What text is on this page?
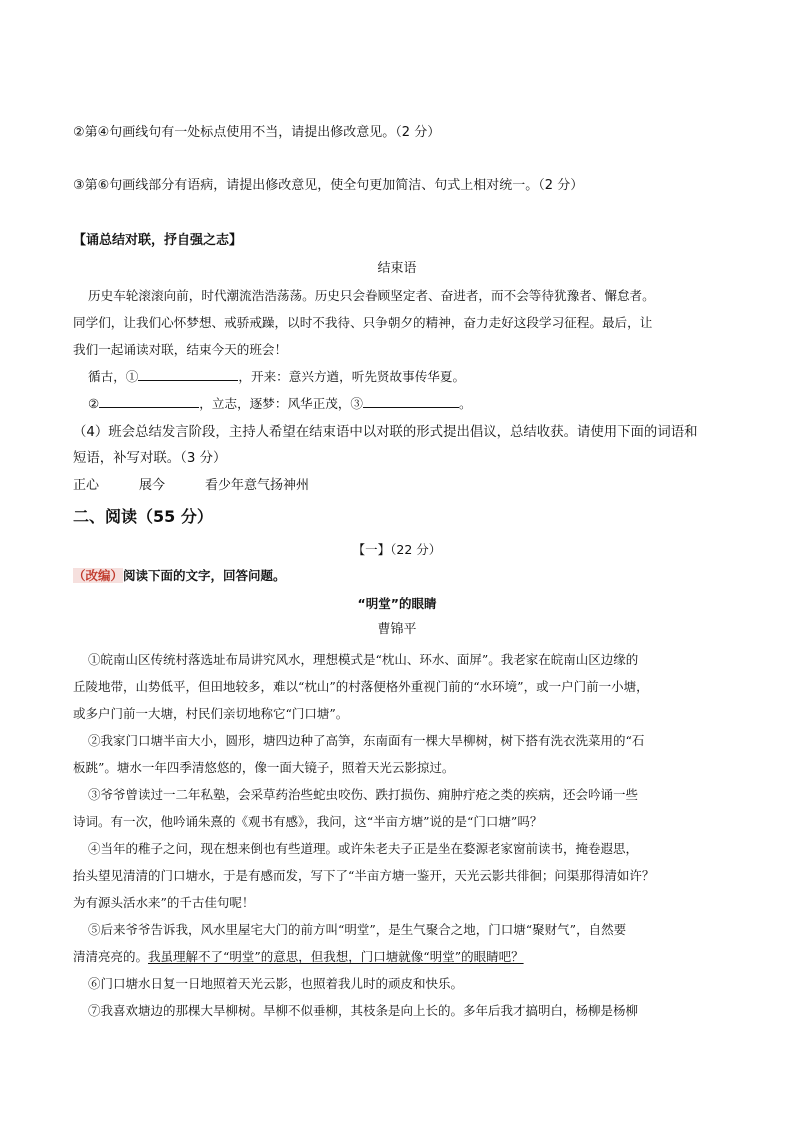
②第④句画线句有一处标点使用不当，请提出修改意见。（2 分）
③第⑥句画线部分有语病，请提出修改意见，使全句更加简洁、句式上相对统一。（2 分）
【诵总结对联，抒自强之志】
结束语
历史车轮滚滚向前，时代潮流浩浩荡荡。历史只会眷顾坚定者、奋进者，而不会等待犹豫者、懈怠者。
同学们，让我们心怀梦想、戒骄戒躁，以时不我待、只争朝夕的精神，奋力走好这段学习征程。最后，让
我们一起诵读对联，结束今天的班会！
循古，①	，开来：意兴方遒，听先贤故事传华夏。
②	，立志，逐梦：风华正茂，③	。
（4）班会总结发言阶段，主持人希望在结束语中以对联的形式提出倡议，总结收获。请使用下面的词语和
短语，补写对联。（3 分）
正心	展今	看少年意气扬神州
二、阅读（55 分）
【一】（22 分）
（改编）阅读下面的文字，回答问题。
“明堂”的眼睛
曹锦平
①皖南山区传统村落选址布局讲究风水，理想模式是“枕山、环水、面屏”。我老家在皖南山区边缘的
丘陵地带，山势低平，但田地较多，难以“枕山”的村落便格外重视门前的“水环境”，或一户门前一小塘，
或多户门前一大塘，村民们亲切地称它“门口塘”。
②我家门口塘半亩大小，圆形，塘四边种了高笋，东南面有一棵大旱柳树，树下搭有洗衣洗菜用的“石
板跳”。塘水一年四季清悠悠的，像一面大镜子，照着天光云影掠过。
③爷爷曾读过一二年私塾，会采草药治些蛇虫咬伤、跌打损伤、痈肿疔疮之类的疾病，还会吟诵一些
诗词。有一次，他吟诵朱熹的《观书有感》，我问，这“半亩方塘”说的是“门口塘”吗？
④当年的稚子之问，现在想来倒也有些道理。或许朱老夫子正是坐在婺源老家窗前读书，掩卷遐思，
抬头望见清清的门口塘水，于是有感而发，写下了“半亩方塘一鉴开，天光云影共徘徊；问渠那得清如许？
为有源头活水来”的千古佳句呢！
⑤后来爷爷告诉我，风水里屋宅大门的前方叫“明堂”，是生气聚合之地，门口塘“聚财气”，自然要
清清亮亮的。我虽理解不了“明堂”的意思，但我想，门口塘就像“明堂”的眼睛吧？
⑥门口塘水日复一日地照着天光云影，也照着我儿时的顽皮和快乐。
⑦我喜欢塘边的那棵大旱柳树。旱柳不似垂柳，其枝条是向上长的。多年后我才搞明白，杨柳是杨柳
